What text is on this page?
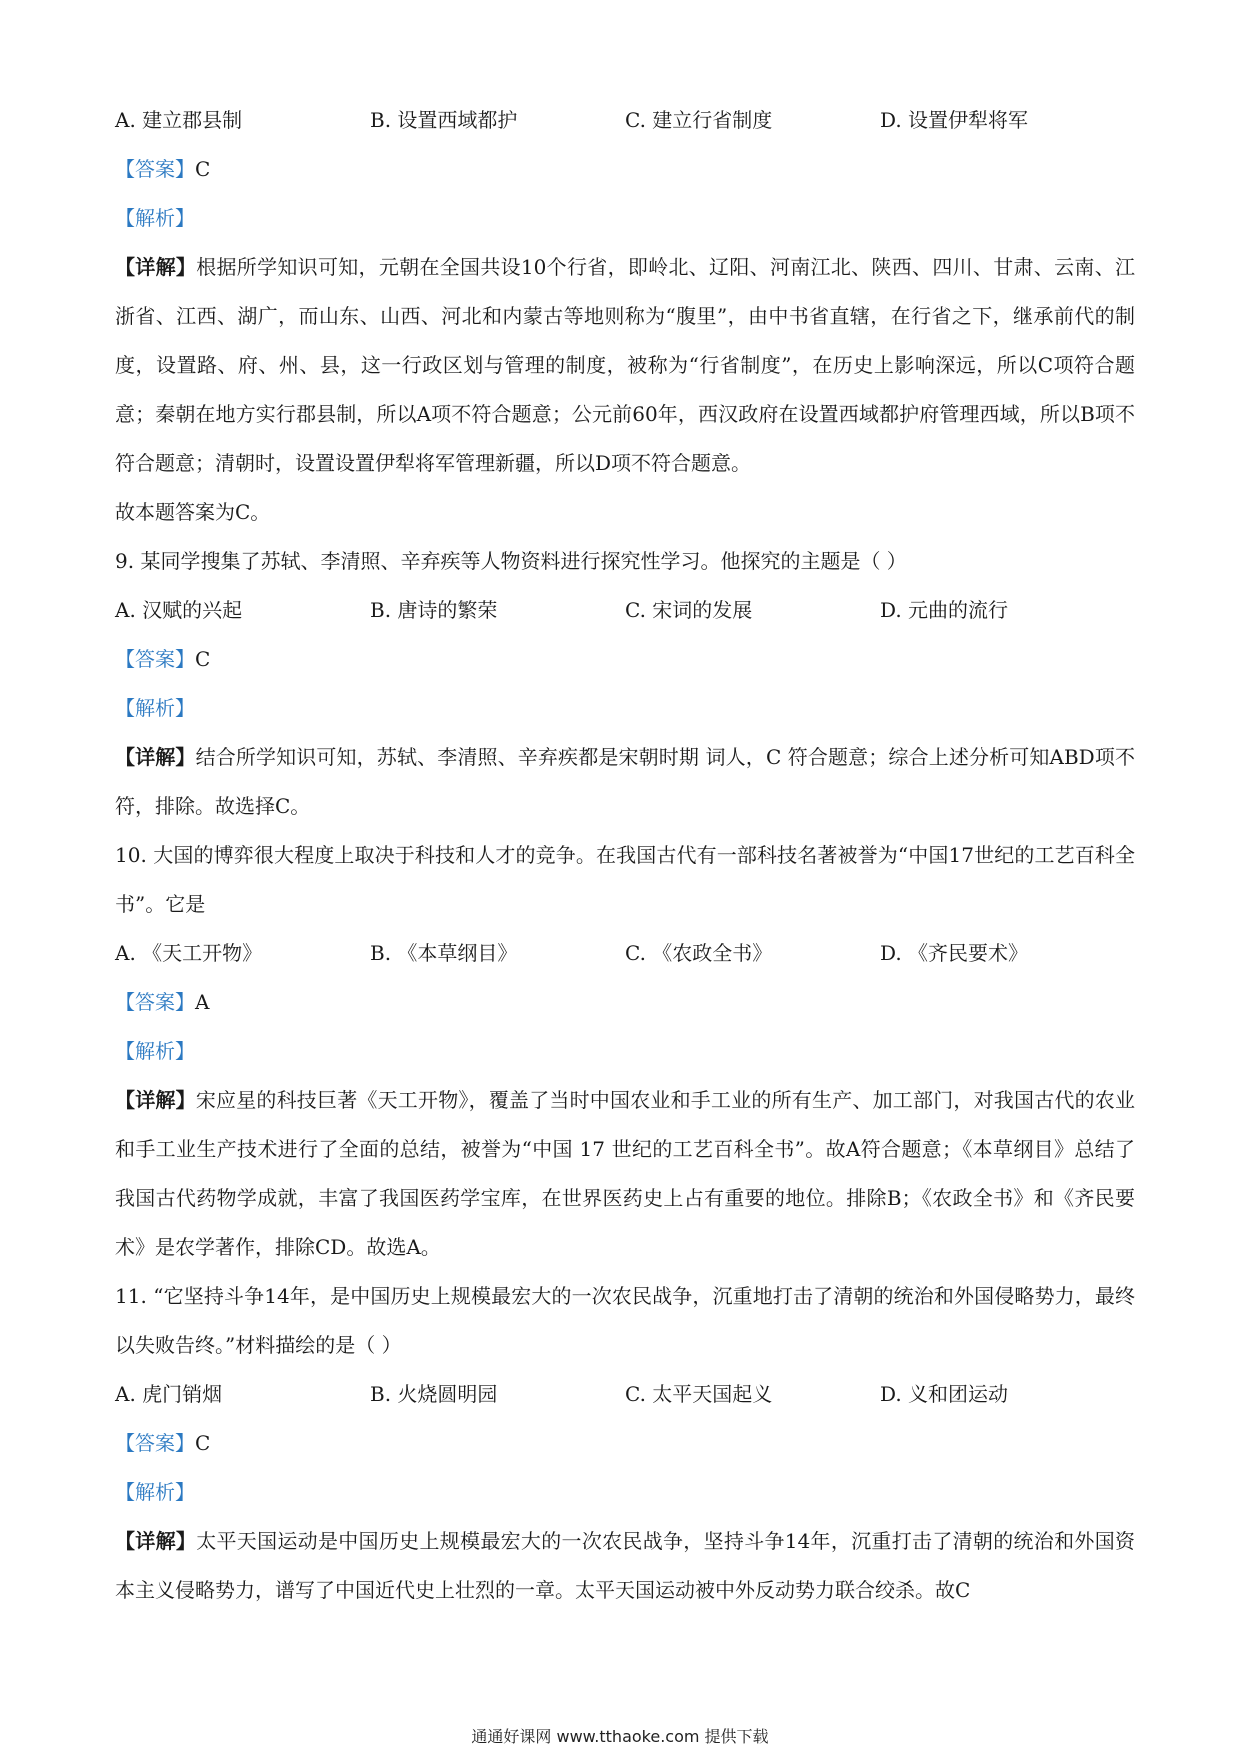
A. 建立郡县制	B. 设置西域都护	C. 建立行省制度	D. 设置伊犁将军
【答案】C
【解析】
【详解】根据所学知识可知，元朝在全国共设10个行省，即岭北、辽阳、河南江北、陕西、四川、甘肃、云南、江浙省、江西、湖广，而山东、山西、河北和内蒙古等地则称为“腹里”，由中书省直辖，在行省之下，继承前代的制度，设置路、府、州、县，这一行政区划与管理的制度，被称为“行省制度”，在历史上影响深远，所以C项符合题意；秦朝在地方实行郡县制，所以A项不符合题意；公元前60年，西汉政府在设置西域都护府管理西域，所以B项不符合题意；清朝时，设置设置伊犁将军管理新疆，所以D项不符合题意。
故本题答案为C。
9. 某同学搜集了苏轼、李清照、辛弃疾等人物资料进行探究性学习。他探究的主题是（ ）
A. 汉赋的兴起	B. 唐诗的繁荣	C. 宋词的发展	D. 元曲的流行
【答案】C
【解析】
【详解】结合所学知识可知，苏轼、李清照、辛弃疾都是宋朝时期 词人，C 符合题意；综合上述分析可知ABD项不符，排除。故选择C。
10. 大国的博弈很大程度上取决于科技和人才的竞争。在我国古代有一部科技名著被誉为“中国17世纪的工艺百科全书”。它是
A. 《天工开物》	B. 《本草纲目》	C. 《农政全书》	D. 《齐民要术》
【答案】A
【解析】
【详解】宋应星的科技巨著《天工开物》，覆盖了当时中国农业和手工业的所有生产、加工部门，对我国古代的农业和手工业生产技术进行了全面的总结，被誉为“中国 17 世纪的工艺百科全书”。故A符合题意；《本草纲目》总结了我国古代药物学成就，丰富了我国医药学宝库，在世界医药史上占有重要的地位。排除B；《农政全书》和《齐民要术》是农学著作，排除CD。故选A。
11. “它坚持斗争14年，是中国历史上规模最宏大的一次农民战争，沉重地打击了清朝的统治和外国侵略势力，最终以失败告终。”材料描绘的是（ ）
A. 虎门销烟	B. 火烧圆明园	C. 太平天国起义	D. 义和团运动
【答案】C
【解析】
【详解】太平天国运动是中国历史上规模最宏大的一次农民战争，坚持斗争14年，沉重打击了清朝的统治和外国资本主义侵略势力，谱写了中国近代史上壮烈的一章。太平天国运动被中外反动势力联合绞杀。故C
通通好课网 www.tthaoke.com 提供下载
